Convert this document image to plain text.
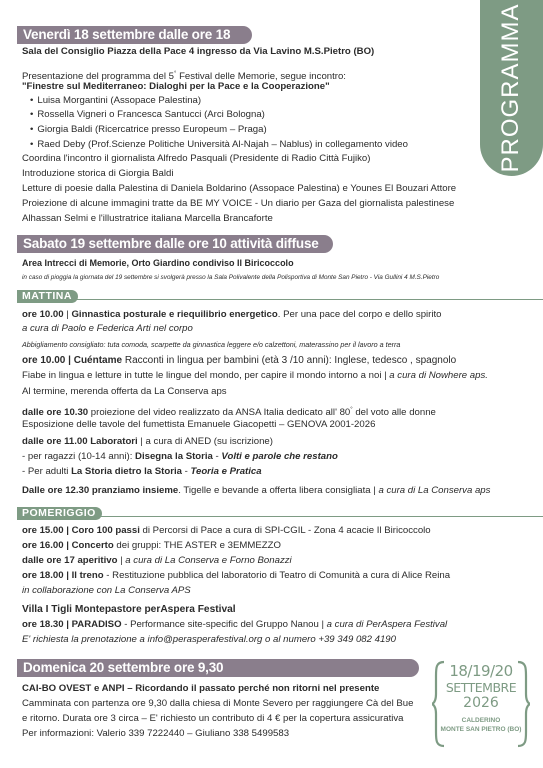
PROGRAMMA
Venerdì 18 settembre dalle ore 18
Sala del Consiglio Piazza della Pace 4 ingresso da Via Lavino M.S.Pietro (BO)
Presentazione del programma del 5° Festival delle Memorie, segue incontro:
"Finestre sul Mediterraneo: Dialoghi per la Pace e la Cooperazione"
• Luisa Morgantini (Assopace Palestina)
• Rossella Vigneri o Francesca Santucci (Arci Bologna)
• Giorgia Baldi (Ricercatrice presso Europeum – Praga)
• Raed Deby (Prof.Scienze Politiche Università Al-Najah – Nablus) in collegamento video
Coordina l'incontro il giornalista Alfredo Pasquali (Presidente di Radio Città Fujiko)
Introduzione storica di Giorgia Baldi
Letture di poesie dalla Palestina di Daniela Boldarino (Assopace Palestina) e Younes El Bouzari Attore
Proiezione di alcune immagini tratte da BE MY VOICE - Un diario per Gaza del giornalista palestinese
Alhassan Selmi e l'illustratrice italiana Marcella Brancaforte
Sabato 19 settembre dalle ore 10 attività diffuse
Area Intrecci di Memorie, Orto Giardino condiviso Il Biricoccolo
in caso di pioggia la giornata del 19 settembre si svolgerà presso la Sala Polivalente della Polisportiva di Monte San Pietro - Via Gullini 4 M.S.Pietro
MATTINA
ore 10.00 | Ginnastica posturale e riequilibrio energetico. Per una pace del corpo e dello spirito
a cura di Paolo e Federica Arti nel corpo
Abbigliamento consigliato: tuta comoda, scarpette da ginnastica leggere e/o calzettoni, materassino per il lavoro a terra
ore 10.00 | Cuéntame Racconti in lingua per bambini (età 3 /10 anni): Inglese, tedesco , spagnolo
Fiabe in lingua e letture in tutte le lingue del mondo, per capire il mondo intorno a noi | a cura di Nowhere aps.
Al termine, merenda offerta da La Conserva aps
dalle ore 10.30 proiezione del video realizzato da ANSA Italia dedicato all' 80° del voto alle donne
Esposizione delle tavole del fumettista Emanuele Giacopetti – GENOVA 2001-2026
dalle ore 11.00 Laboratori | a cura di ANED (su iscrizione)
- per ragazzi (10-14 anni): Disegna la Storia - Volti e parole che restano
- Per adulti La Storia dietro la Storia - Teoria e Pratica
Dalle ore 12.30 pranziamo insieme. Tigelle e bevande a offerta libera consigliata | a cura di La Conserva aps
POMERIGGIO
ore 15.00 | Coro 100 passi di Percorsi di Pace a cura di SPI-CGIL - Zona 4 acacie Il Biricoccolo
ore 16.00 | Concerto dei gruppi: THE ASTER e 3EMMEZZO
dalle ore 17 aperitivo | a cura di La Conserva e Forno Bonazzi
ore 18.00 | Il treno - Restituzione pubblica del laboratorio di Teatro di Comunità a cura di Alice Reina
in collaborazione con La Conserva APS
Villa I Tigli Montepastore perAspera Festival
ore 18.30 | PARADISO - Performance site-specific del Gruppo Nanou | a cura di PerAspera Festival
E' richiesta la prenotazione a info@perasperafestival.org o al numero +39 349 082 4190
Domenica 20 settembre ore 9,30
CAI-BO OVEST e ANPI – Ricordando il passato perché non ritorni nel presente
Camminata con partenza ore 9,30 dalla chiesa di Monte Severo per raggiungere Cà del Bue
e ritorno. Durata ore 3 circa – E' richiesto un contributo di 4 € per la copertura assicurativa
Per informazioni: Valerio 339 7222440 – Giuliano 338 5499583
18/19/20
SETTEMBRE
2026
CALDERINO
MONTE SAN PIETRO (BO)
